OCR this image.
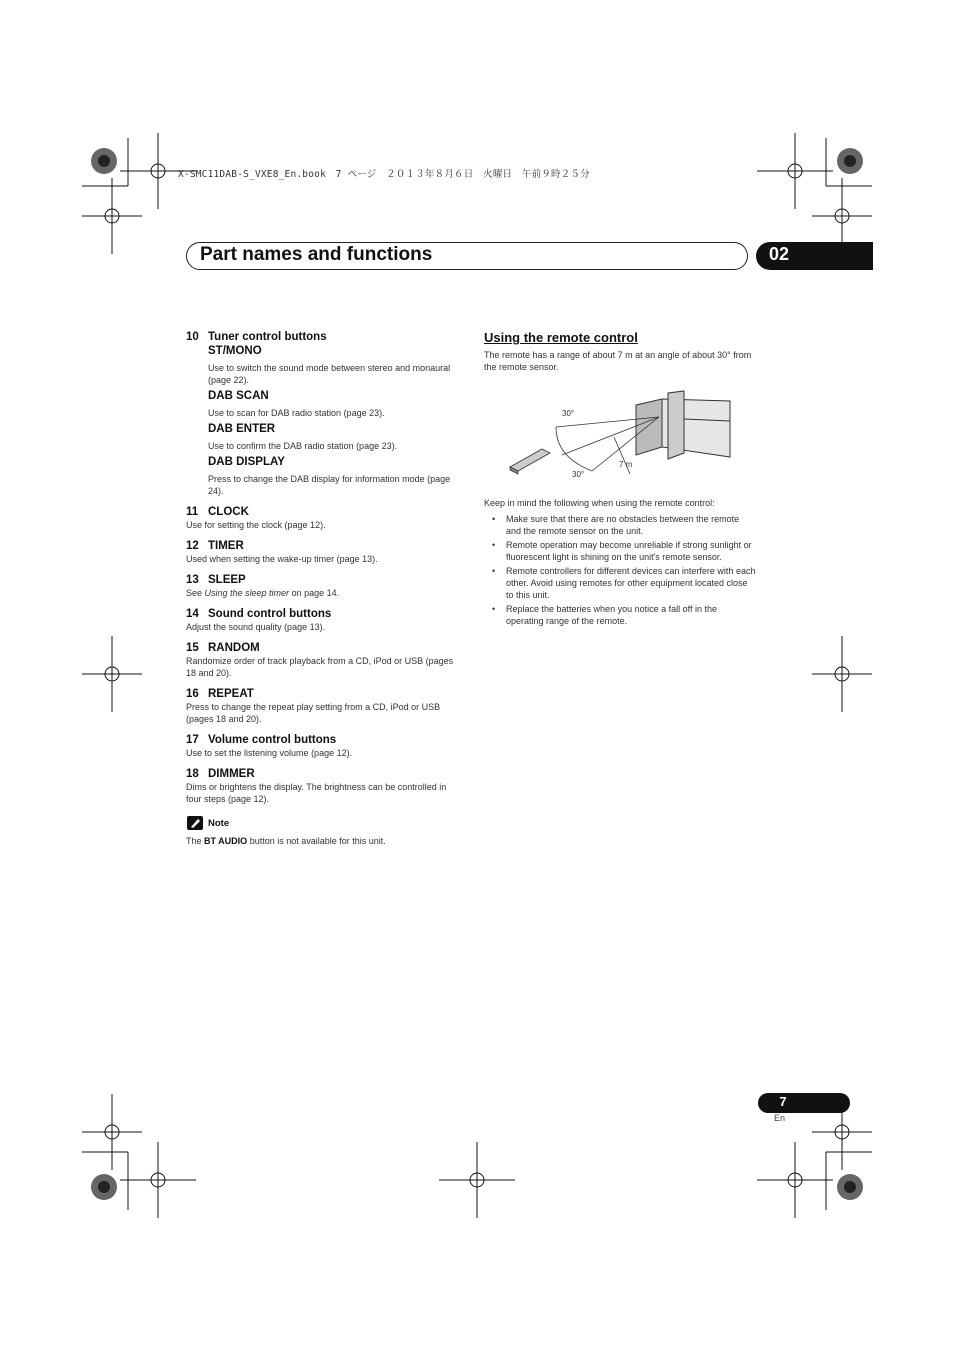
X-SMC11DAB-S_VXE8_En.book　7 ページ　２０１３年８月６日　火曜日　午前９時２５分
Part names and functions	02
10 Tuner control buttons
ST/MONO
Use to switch the sound mode between stereo and monaural (page 22).
DAB SCAN
Use to scan for DAB radio station (page 23).
DAB ENTER
Use to confirm the DAB radio station (page 23).
DAB DISPLAY
Press to change the DAB display for information mode (page 24).
11 CLOCK
Use for setting the clock (page 12).
12 TIMER
Used when setting the wake-up timer (page 13).
13 SLEEP
See Using the sleep timer on page 14.
14 Sound control buttons
Adjust the sound quality (page 13).
15 RANDOM
Randomize order of track playback from a CD, iPod or USB (pages 18 and 20).
16 REPEAT
Press to change the repeat play setting from a CD, iPod or USB (pages 18 and 20).
17 Volume control buttons
Use to set the listening volume (page 12).
18 DIMMER
Dims or brightens the display. The brightness can be controlled in four steps (page 12).
Note
The BT AUDIO button is not available for this unit.
Using the remote control
The remote has a range of about 7 m at an angle of about 30° from the remote sensor.
30°
30°
7 m
Keep in mind the following when using the remote control:
• Make sure that there are no obstacles between the remote and the remote sensor on the unit.
• Remote operation may become unreliable if strong sunlight or fluorescent light is shining on the unit's remote sensor.
• Remote controllers for different devices can interfere with each other. Avoid using remotes for other equipment located close to this unit.
• Replace the batteries when you notice a fall off in the operating range of the remote.
7
En
